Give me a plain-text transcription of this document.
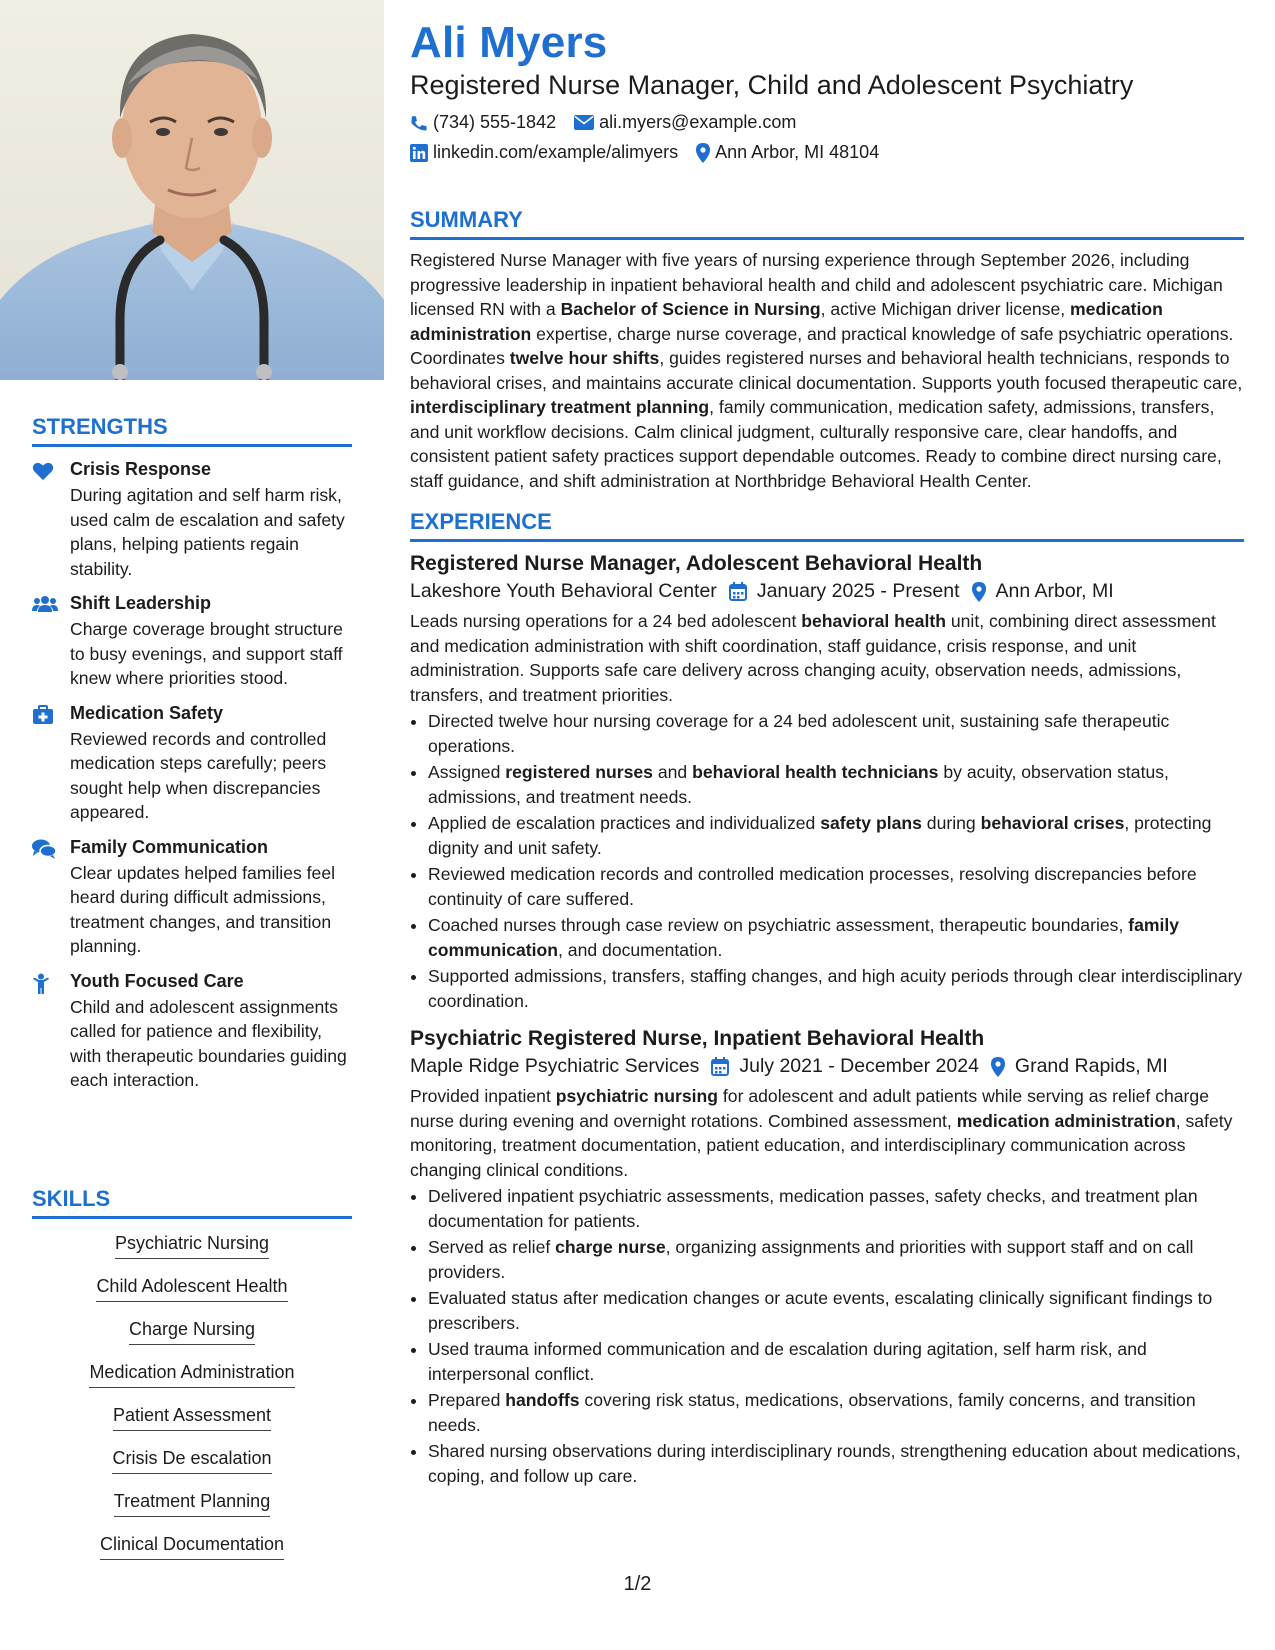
STRENGTHS
Crisis Response
During agitation and self harm risk, used calm de escalation and safety plans, helping patients regain stability.
Shift Leadership
Charge coverage brought structure to busy evenings, and support staff knew where priorities stood.
Medication Safety
Reviewed records and controlled medication steps carefully; peers sought help when discrepancies appeared.
Family Communication
Clear updates helped families feel heard during difficult admissions, treatment changes, and transition planning.
Youth Focused Care
Child and adolescent assignments called for patience and flexibility, with therapeutic boundaries guiding each interaction.
SKILLS
Psychiatric Nursing
Child Adolescent Health
Charge Nursing
Medication Administration
Patient Assessment
Crisis De escalation
Treatment Planning
Clinical Documentation
Ali Myers
Registered Nurse Manager, Child and Adolescent Psychiatry
(734) 555-1842 ali.myers@example.com
linkedin.com/example/alimyers Ann Arbor, MI 48104
SUMMARY

Registered Nurse Manager with five years of nursing experience through September 2026, including progressive leadership in inpatient behavioral health and child and adolescent psychiatric care. Michigan licensed RN with a Bachelor of Science in Nursing, active Michigan driver license, medication administration expertise, charge nurse coverage, and practical knowledge of safe psychiatric operations. Coordinates twelve hour shifts, guides registered nurses and behavioral health technicians, responds to behavioral crises, and maintains accurate clinical documentation. Supports youth focused therapeutic care, interdisciplinary treatment planning, family communication, medication safety, admissions, transfers, and unit workflow decisions. Calm clinical judgment, culturally responsive care, clear handoffs, and consistent patient safety practices support dependable outcomes. Ready to combine direct nursing care, staff guidance, and shift administration at Northbridge Behavioral Health Center.

EXPERIENCE
Registered Nurse Manager, Adolescent Behavioral Health
Lakeshore Youth Behavioral Center January 2025 - Present Ann Arbor, MI

Leads nursing operations for a 24 bed adolescent behavioral health unit, combining direct assessment and medication administration with shift coordination, staff guidance, crisis response, and unit administration. Supports safe care delivery across changing acuity, observation needs, admissions, transfers, and treatment priorities.

• Directed twelve hour nursing coverage for a 24 bed adolescent unit, sustaining safe therapeutic operations.
• Assigned registered nurses and behavioral health technicians by acuity, observation status, admissions, and treatment needs.
• Applied de escalation practices and individualized safety plans during behavioral crises, protecting dignity and unit safety.
• Reviewed medication records and controlled medication processes, resolving discrepancies before continuity of care suffered.
• Coached nurses through case review on psychiatric assessment, therapeutic boundaries, family communication, and documentation.
• Supported admissions, transfers, staffing changes, and high acuity periods through clear interdisciplinary coordination.
Psychiatric Registered Nurse, Inpatient Behavioral Health
Maple Ridge Psychiatric Services July 2021 - December 2024 Grand Rapids, MI

Provided inpatient psychiatric nursing for adolescent and adult patients while serving as relief charge nurse during evening and overnight rotations. Combined assessment, medication administration, safety monitoring, treatment documentation, patient education, and interdisciplinary communication across changing clinical conditions.

• Delivered inpatient psychiatric assessments, medication passes, safety checks, and treatment plan documentation for patients.
• Served as relief charge nurse, organizing assignments and priorities with support staff and on call providers.
• Evaluated status after medication changes or acute events, escalating clinically significant findings to prescribers.
• Used trauma informed communication and de escalation during agitation, self harm risk, and interpersonal conflict.
• Prepared handoffs covering risk status, medications, observations, family concerns, and transition needs.
• Shared nursing observations during interdisciplinary rounds, strengthening education about medications, coping, and follow up care.
1/2
